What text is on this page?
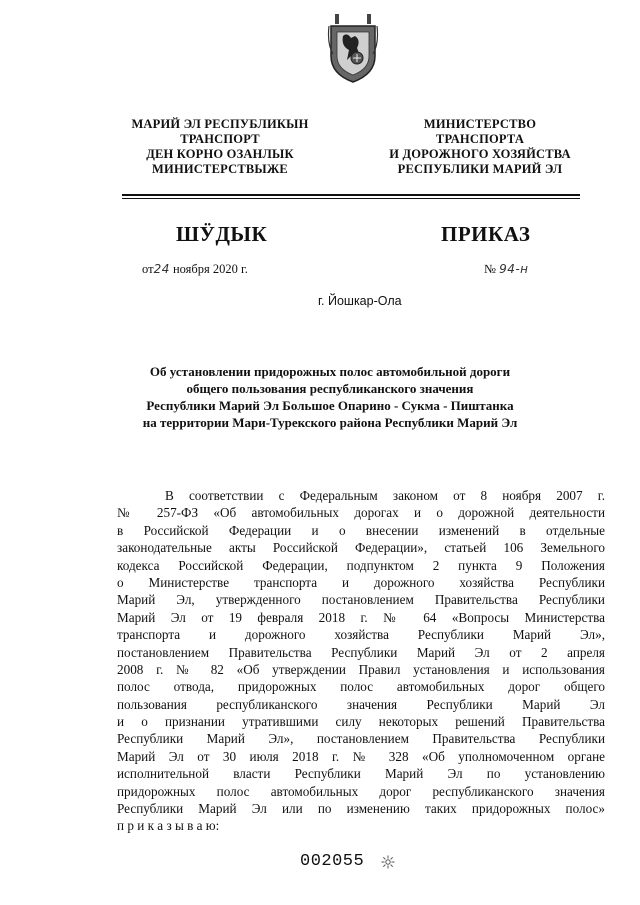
МАРИЙ ЭЛ РЕСПУБЛИКЫН
ТРАНСПОРТ
ДЕН КОРНО ОЗАНЛЫК
МИНИСТЕРСТВЫЖЕ
МИНИСТЕРСТВО
ТРАНСПОРТА
И ДОРОЖНОГО ХОЗЯЙСТВА
РЕСПУБЛИКИ МАРИЙ ЭЛ
ШӰДЫК	ПРИКАЗ
от24 ноября 2020 г.	№ 94-н
г. Йошкар-Ола
Об установлении придорожных полос автомобильной дороги
общего пользования республиканского значения
Республики Марий Эл Большое Опарино - Сукма - Пиштанка
на территории Мари-Турекского района Республики Марий Эл
В соответствии с Федеральным законом от 8 ноября 2007 г.
№ 257-ФЗ «Об автомобильных дорогах и о дорожной деятельности
в Российской Федерации и о внесении изменений в отдельные
законодательные акты Российской Федерации», статьей 106 Земельного
кодекса Российской Федерации, подпунктом 2 пункта 9 Положения
о Министерстве транспорта и дорожного хозяйства Республики
Марий Эл, утвержденного постановлением Правительства Республики
Марий Эл от 19 февраля 2018 г. № 64 «Вопросы Министерства
транспорта и дорожного хозяйства Республики Марий Эл»,
постановлением Правительства Республики Марий Эл от 2 апреля
2008 г. № 82 «Об утверждении Правил установления и использования
полос отвода, придорожных полос автомобильных дорог общего
пользования республиканского значения Республики Марий Эл
и о признании утратившими силу некоторых решений Правительства
Республики Марий Эл», постановлением Правительства Республики
Марий Эл от 30 июля 2018 г. № 328 «Об уполномоченном органе
исполнительной власти Республики Марий Эл по установлению
придорожных полос автомобильных дорог республиканского значения
Республики Марий Эл или по изменению таких придорожных полос»
п р и к а з ы в а ю:
002055
